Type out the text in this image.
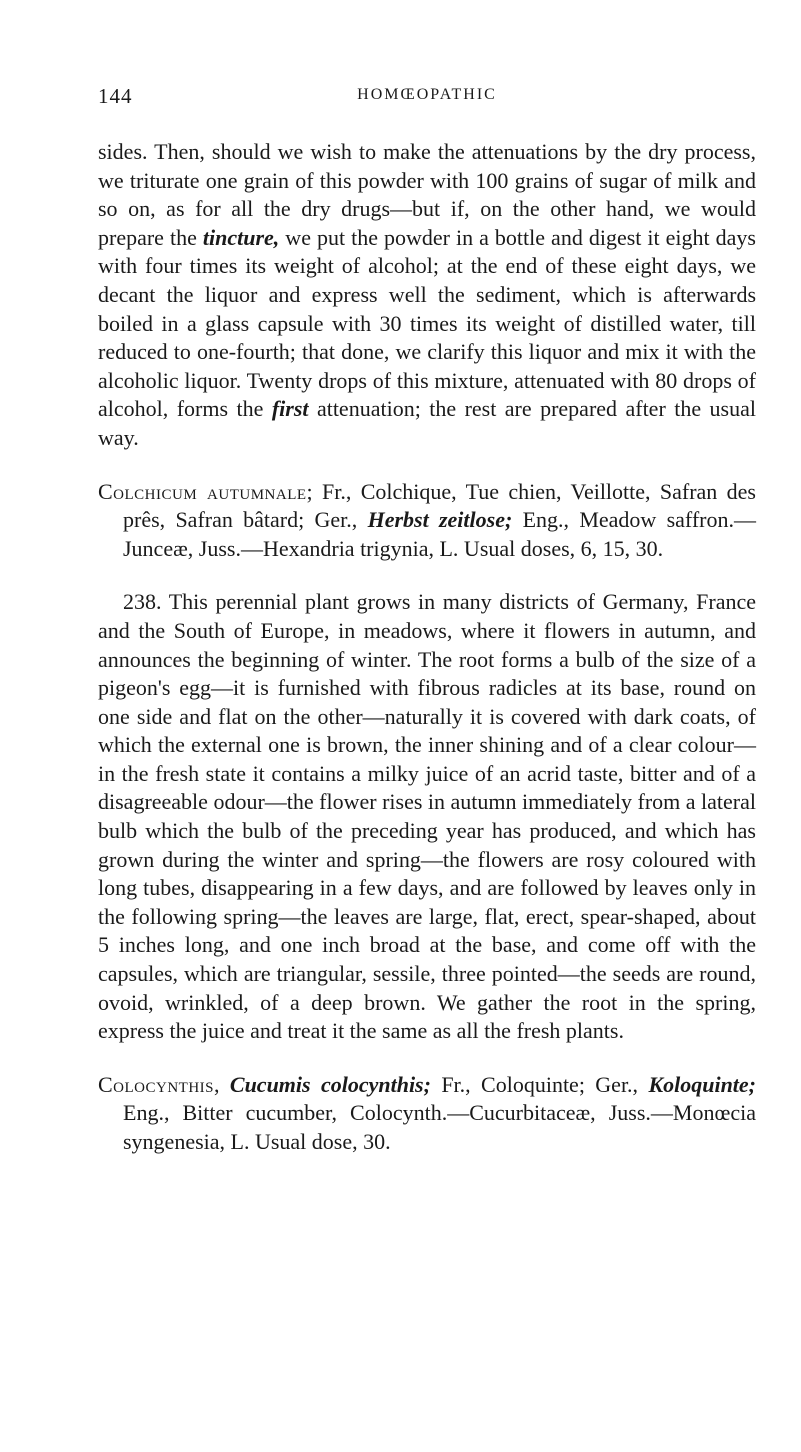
144	HOMŒOPATHIC

sides. Then, should we wish to make the attenuations by the dry process, we triturate one grain of this powder with 100 grains of sugar of milk and so on, as for all the dry drugs—but if, on the other hand, we would prepare the tincture, we put the powder in a bottle and digest it eight days with four times its weight of alcohol; at the end of these eight days, we decant the liquor and express well the sediment, which is afterwards boiled in a glass capsule with 30 times its weight of distilled water, till reduced to one-fourth; that done, we clarify this liquor and mix it with the alcoholic liquor. Twenty drops of this mixture, attenuated with 80 drops of alcohol, forms the first attenuation; the rest are prepared after the usual way.

Colchicum autumnale; Fr., Colchique, Tue chien, Veillotte, Safran des prês, Safran bâtard; Ger., Herbst zeitlose; Eng., Meadow saffron.—Junceæ, Juss.—Hexandria trigynia, L. Usual doses, 6, 15, 30.

238. This perennial plant grows in many districts of Germany, France and the South of Europe, in meadows, where it flowers in autumn, and announces the beginning of winter. The root forms a bulb of the size of a pigeon's egg—it is furnished with fibrous radicles at its base, round on one side and flat on the other—naturally it is covered with dark coats, of which the external one is brown, the inner shining and of a clear colour—in the fresh state it contains a milky juice of an acrid taste, bitter and of a disagreeable odour—the flower rises in autumn immediately from a lateral bulb which the bulb of the preceding year has produced, and which has grown during the winter and spring—the flowers are rosy coloured with long tubes, disappearing in a few days, and are followed by leaves only in the following spring—the leaves are large, flat, erect, spear-shaped, about 5 inches long, and one inch broad at the base, and come off with the capsules, which are triangular, sessile, three pointed—the seeds are round, ovoid, wrinkled, of a deep brown. We gather the root in the spring, express the juice and treat it the same as all the fresh plants.

Colocynthis, Cucumis colocynthis; Fr., Coloquinte; Ger., Koloquinte; Eng., Bitter cucumber, Colocynth.—Cucurbitaceæ, Juss.—Monœcia syngenesia, L. Usual dose, 30.
